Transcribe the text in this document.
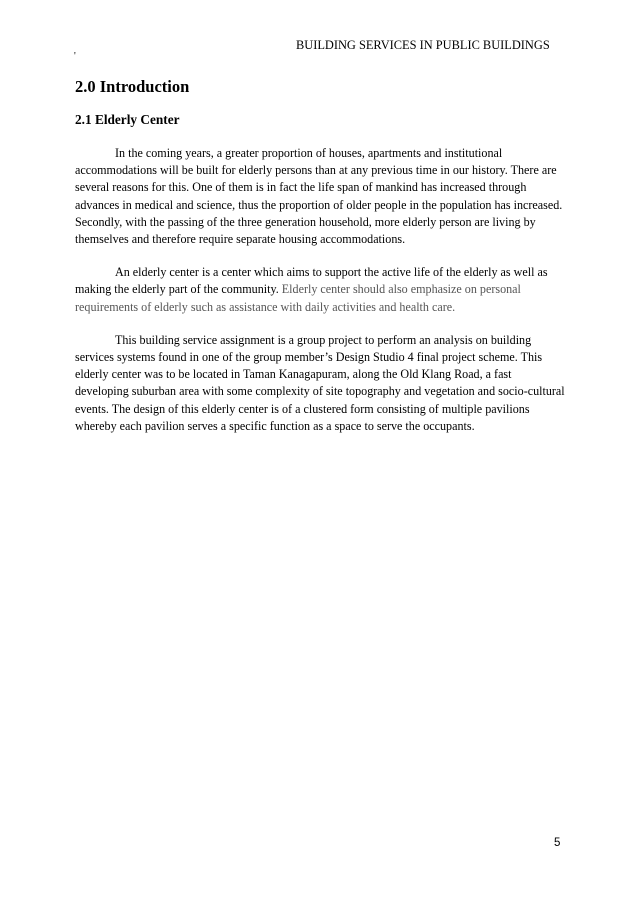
BUILDING SERVICES IN PUBLIC BUILDINGS
'
2.0 Introduction
2.1 Elderly Center

In the coming years, a greater proportion of houses, apartments and institutional accommodations will be built for elderly persons than at any previous time in our history. There are several reasons for this. One of them is in fact the life span of mankind has increased through advances in medical and science, thus the proportion of older people in the population has increased. Secondly, with the passing of the three generation household, more elderly person are living by themselves and therefore require separate housing accommodations.

An elderly center is a center which aims to support the active life of the elderly as well as making the elderly part of the community. Elderly center should also emphasize on personal requirements of elderly such as assistance with daily activities and health care.

This building service assignment is a group project to perform an analysis on building services systems found in one of the group member’s Design Studio 4 final project scheme. This elderly center was to be located in Taman Kanagapuram, along the Old Klang Road, a fast developing suburban area with some complexity of site topography and vegetation and socio-cultural events. The design of this elderly center is of a clustered form consisting of multiple pavilions whereby each pavilion serves a specific function as a space to serve the occupants.

5
